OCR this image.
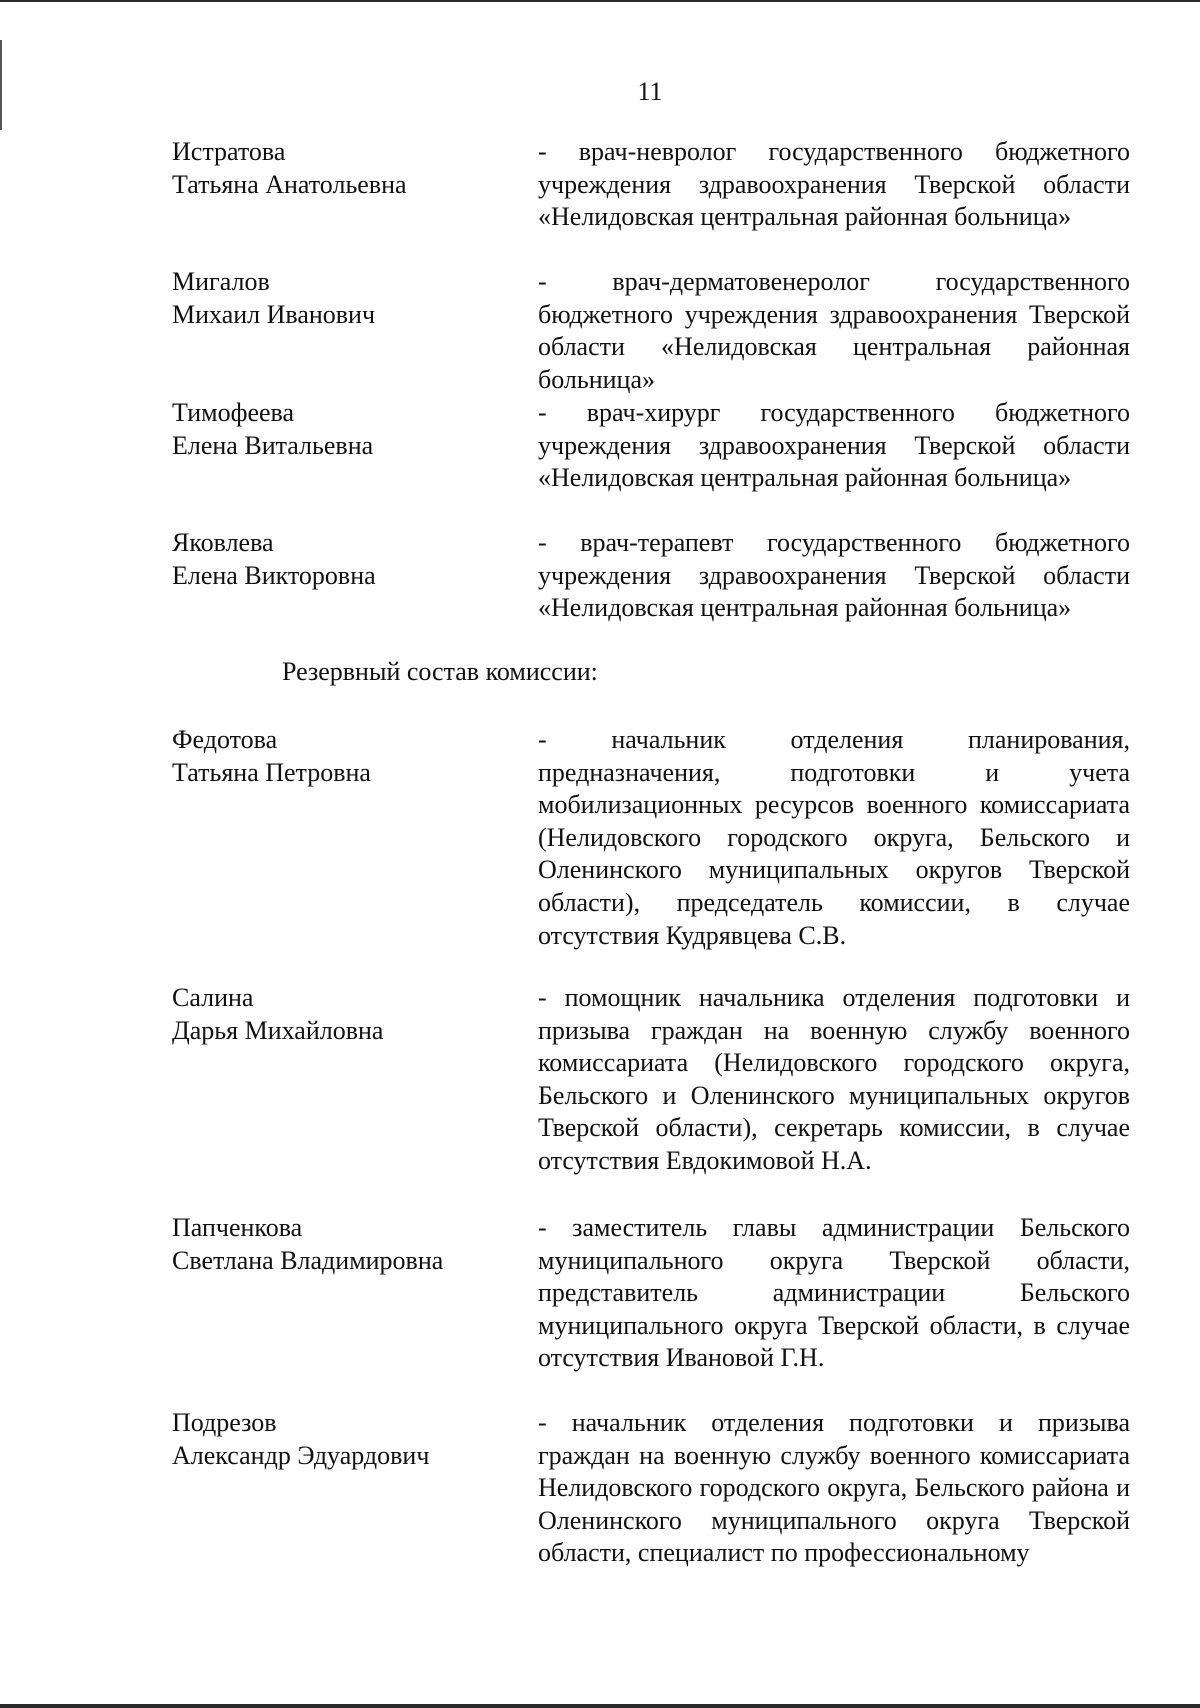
11
Истратова
Татьяна Анатольевна
- врач-невролог государственного бюджетного учреждения здравоохранения Тверской области «Нелидовская центральная районная больница»
Мигалов
Михаил Иванович
- врач-дерматовенеролог государственного бюджетного учреждения здравоохранения Тверской области «Нелидовская центральная районная больница»
Тимофеева
Елена Витальевна
- врач-хирург государственного бюджетного учреждения здравоохранения Тверской области «Нелидовская центральная районная больница»
Яковлева
Елена Викторовна
- врач-терапевт государственного бюджетного учреждения здравоохранения Тверской области «Нелидовская центральная районная больница»
Резервный состав комиссии:
Федотова
Татьяна Петровна
- начальник отделения планирования, предназначения, подготовки и учета мобилизационных ресурсов военного комиссариата (Нелидовского городского округа, Бельского и Оленинского муниципальных округов Тверской области), председатель комиссии, в случае отсутствия Кудрявцева С.В.
Салина
Дарья Михайловна
- помощник начальника отделения подготовки и призыва граждан на военную службу военного комиссариата (Нелидовского городского округа, Бельского и Оленинского муниципальных округов Тверской области), секретарь комиссии, в случае отсутствия Евдокимовой Н.А.
Папченкова
Светлана Владимировна
- заместитель главы администрации Бельского муниципального округа Тверской области, представитель администрации Бельского муниципального округа Тверской области, в случае отсутствия Ивановой Г.Н.
Подрезов
Александр Эдуардович
- начальник отделения подготовки и призыва граждан на военную службу военного комиссариата Нелидовского городского округа, Бельского района и Оленинского муниципального округа Тверской области, специалист по профессиональному
